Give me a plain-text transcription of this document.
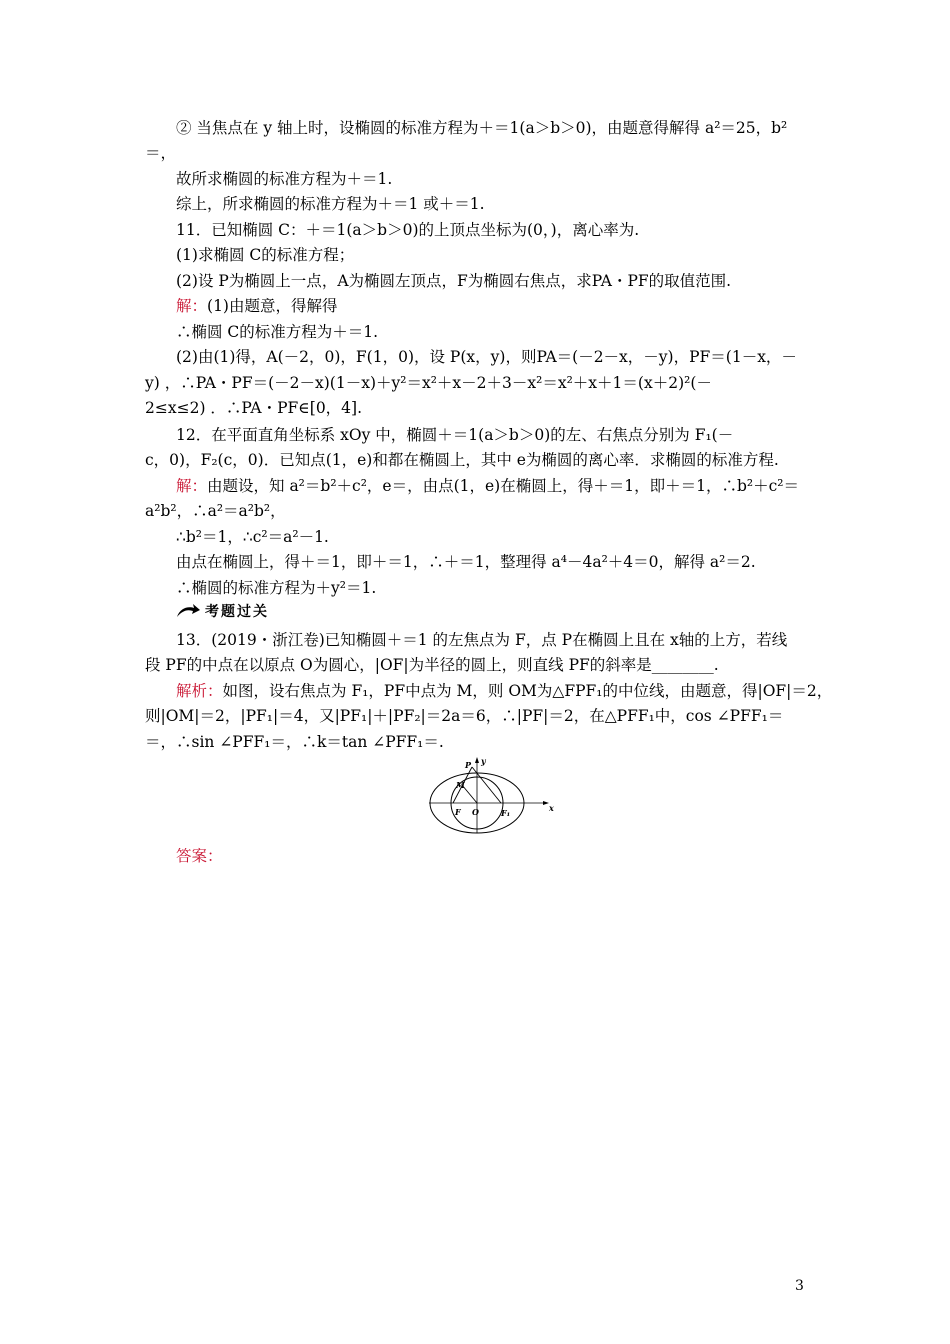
② 当焦点在 y 轴上时，设椭圆的标准方程为＋＝1(a＞b＞0)，由题意得解得 a²＝25，b²
＝，
故所求椭圆的标准方程为＋＝1.
综上，所求椭圆的标准方程为＋＝1 或＋＝1.
11．已知椭圆 C：＋＝1(a＞b＞0)的上顶点坐标为(0，)，离心率为.
(1)求椭圆 C的标准方程；
(2)设 P为椭圆上一点，A为椭圆左顶点，F为椭圆右焦点，求PA・PF的取值范围.
解：(1)由题意，得解得
∴椭圆 C的标准方程为＋＝1.
(2)由(1)得，A(－2，0)，F(1，0)，设 P(x，y)，则PA＝(－2－x，－y)，PF＝(1－x，－
y) ，∴PA・PF＝(－2－x)(1－x)＋y²＝x²＋x－2＋3－x²＝x²＋x＋1＝(x＋2)²(－
2≤x≤2) ．∴PA・PF∈[0，4].
12．在平面直角坐标系 xOy 中，椭圆＋＝1(a＞b＞0)的左、右焦点分别为 F₁(－
c，0)，F₂(c，0)．已知点(1，e)和都在椭圆上，其中 e为椭圆的离心率．求椭圆的标准方程.
解：由题设，知 a²＝b²＋c²，e＝，由点(1，e)在椭圆上，得＋＝1，即＋＝1，∴b²＋c²＝
a²b²，∴a²＝a²b²，
∴b²＝1，∴c²＝a²－1.
由点在椭圆上，得＋＝1，即＋＝1，∴＋＝1，整理得 a⁴－4a²＋4＝0，解得 a²＝2.
∴椭圆的标准方程为＋y²＝1.
考题过关
13．(2019・浙江卷)已知椭圆＋＝1 的左焦点为 F，点 P在椭圆上且在 x轴的上方，若线
段 PF的中点在以原点 O为圆心，|OF|为半径的圆上，则直线 PF的斜率是________.
解析：如图，设右焦点为 F₁，PF中点为 M，则 OM为△FPF₁的中位线，由题意，得|OF|＝2，
则|OM|＝2，|PF₁|＝4，又|PF₁|＋|PF₂|＝2a＝6，∴|PF|＝2，在△PFF₁中，cos ∠PFF₁＝
＝，∴sin ∠PFF₁＝，∴k＝tan ∠PFF₁＝.
P y
M
x
F O	F₁
答案：
3
